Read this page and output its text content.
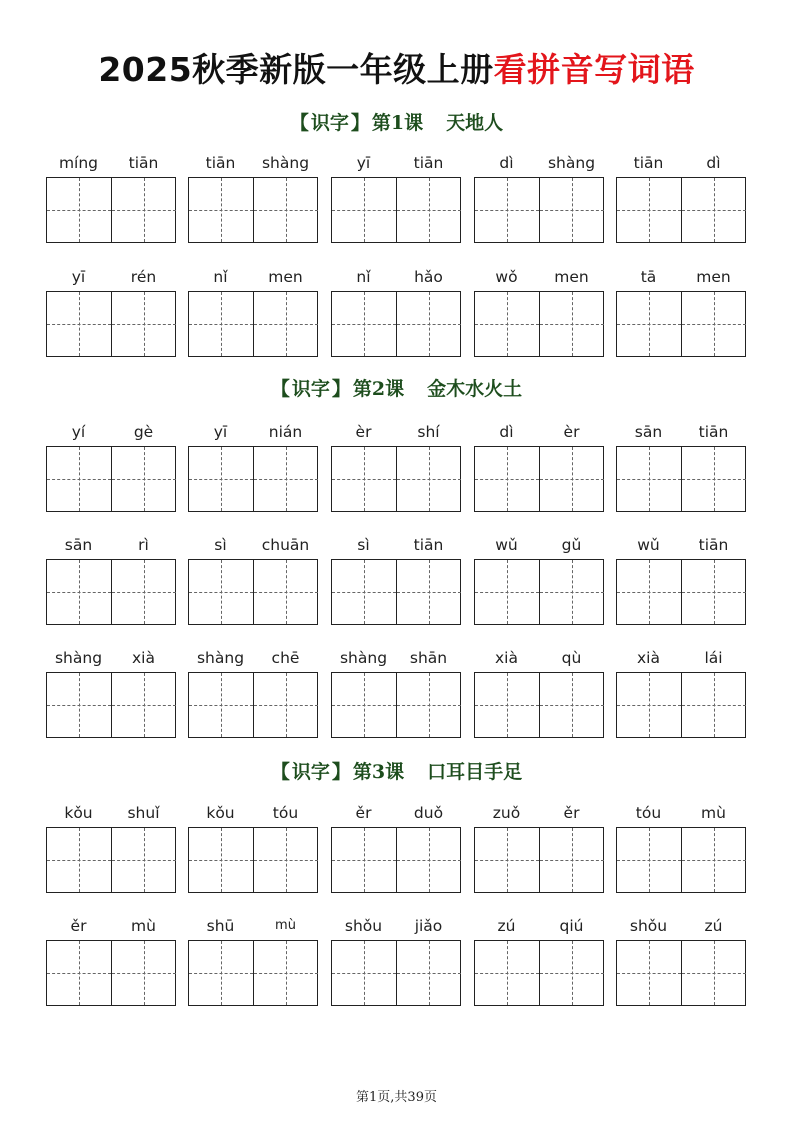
2025秋季新版一年级上册看拼音写词语
【 识字 】 第1课 天地人
míng	tiān	tiān	shàng	yī	tiān	dì	shàng	tiān	dì
yī	rén	nǐ	men	nǐ	hǎo	wǒ	men	tā	men
【 识字 】 第2课 金木水火土
yí	gè	yī	nián	èr	shí	dì	èr	sān	tiān
sān	rì	sì	chuān	sì	tiān	wǔ	gǔ	wǔ	tiān
shàng	xià	shàng	chē	shàng	shān	xià	qù	xià	lái
【 识字 】 第3课 口耳目手足
kǒu	shuǐ	kǒu	tóu	ěr	duǒ	zuǒ	ěr	tóu	mù
ěr	mù	shū	mù	shǒu	jiǎo	zú	qiú	shǒu	zú
第1页,共39页
